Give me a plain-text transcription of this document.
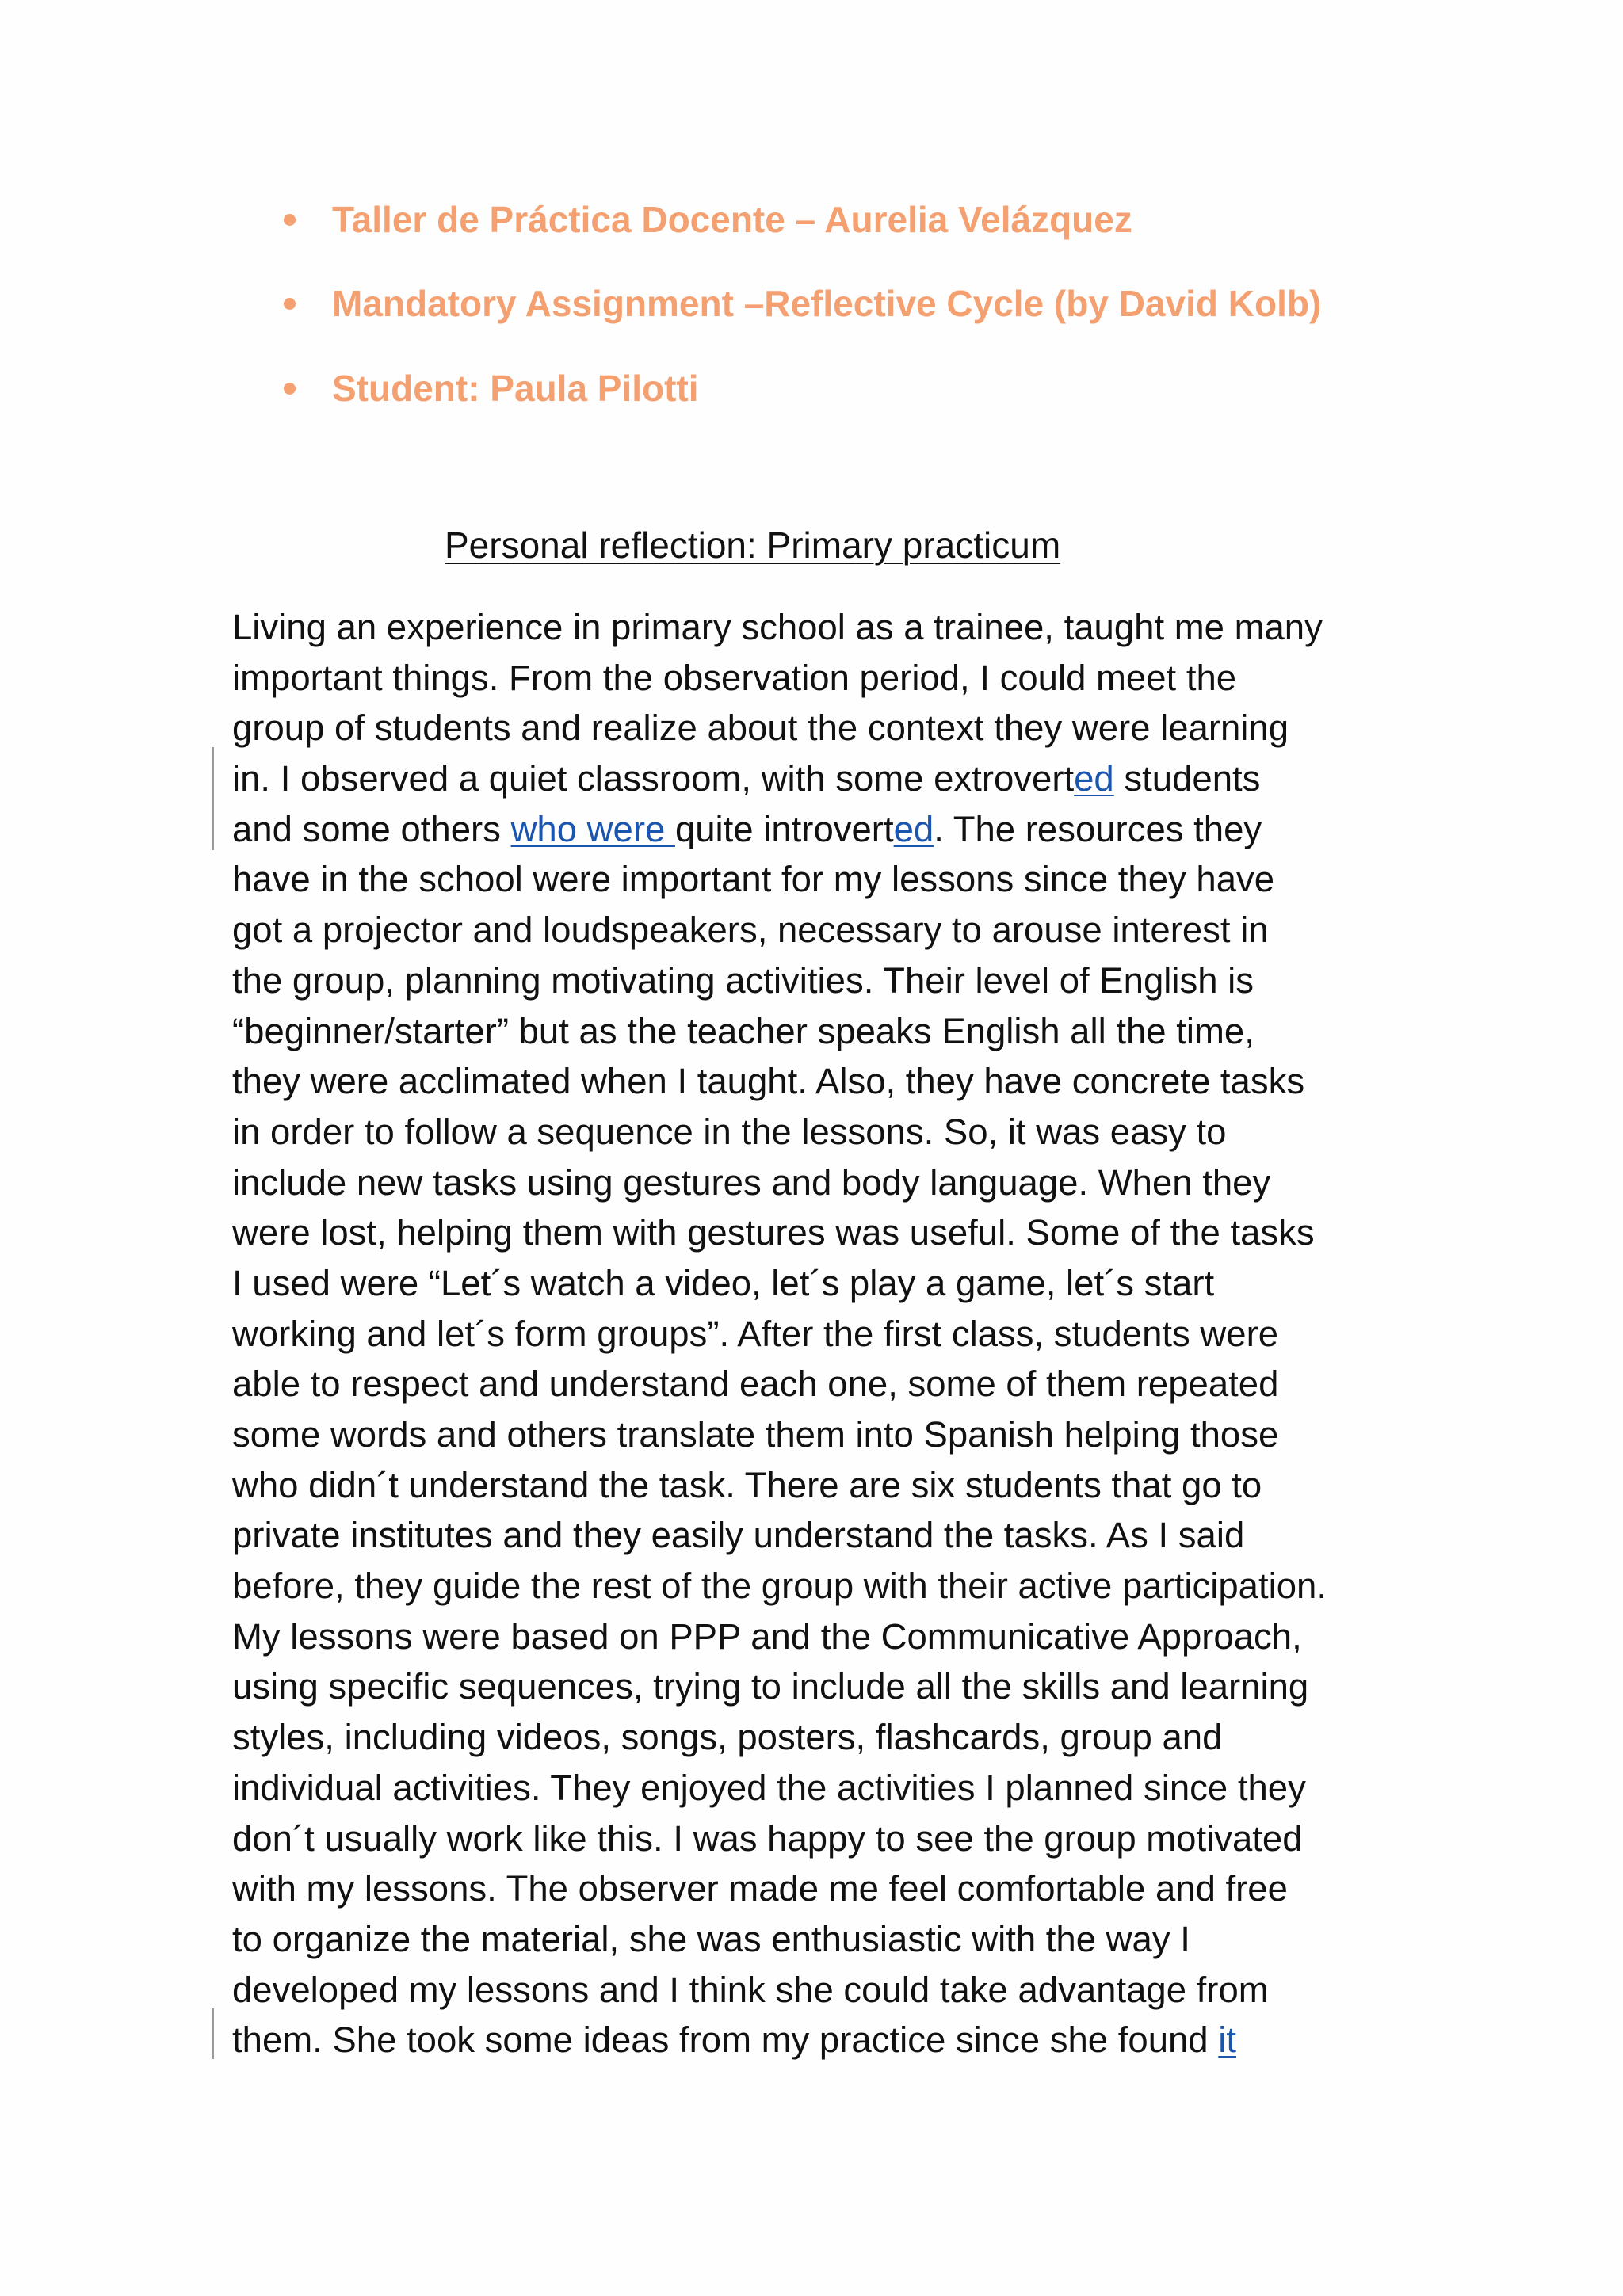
Taller de Práctica Docente – Aurelia Velázquez
Mandatory Assignment –Reflective Cycle (by David Kolb)
Student: Paula Pilotti
Personal reflection: Primary practicum
Living an experience in primary school as a trainee, taught me many
important things. From the observation period, I could meet the
group of students and realize about the context they were learning
in. I observed a quiet classroom, with some extroverted students
and some others who were quite introverted. The resources they
have in the school were important for my lessons since they have
got a projector and loudspeakers, necessary to arouse interest in
the group, planning motivating activities. Their level of English is
“beginner/starter” but as the teacher speaks English all the time,
they were acclimated when I taught. Also, they have concrete tasks
in order to follow a sequence in the lessons. So, it was easy to
include new tasks using gestures and body language. When they
were lost, helping them with gestures was useful. Some of the tasks
I used were “Let´s watch a video, let´s play a game, let´s start
working and let´s form groups”. After the first class, students were
able to respect and understand each one, some of them repeated
some words and others translate them into Spanish helping those
who didn´t understand the task. There are six students that go to
private institutes and they easily understand the tasks. As I said
before, they guide the rest of the group with their active participation.
My lessons were based on PPP and the Communicative Approach,
using specific sequences, trying to include all the skills and learning
styles, including videos, songs, posters, flashcards, group and
individual activities. They enjoyed the activities I planned since they
don´t usually work like this. I was happy to see the group motivated
with my lessons. The observer made me feel comfortable and free
to organize the material, she was enthusiastic with the way I
developed my lessons and I think she could take advantage from
them. She took some ideas from my practice since she found it
